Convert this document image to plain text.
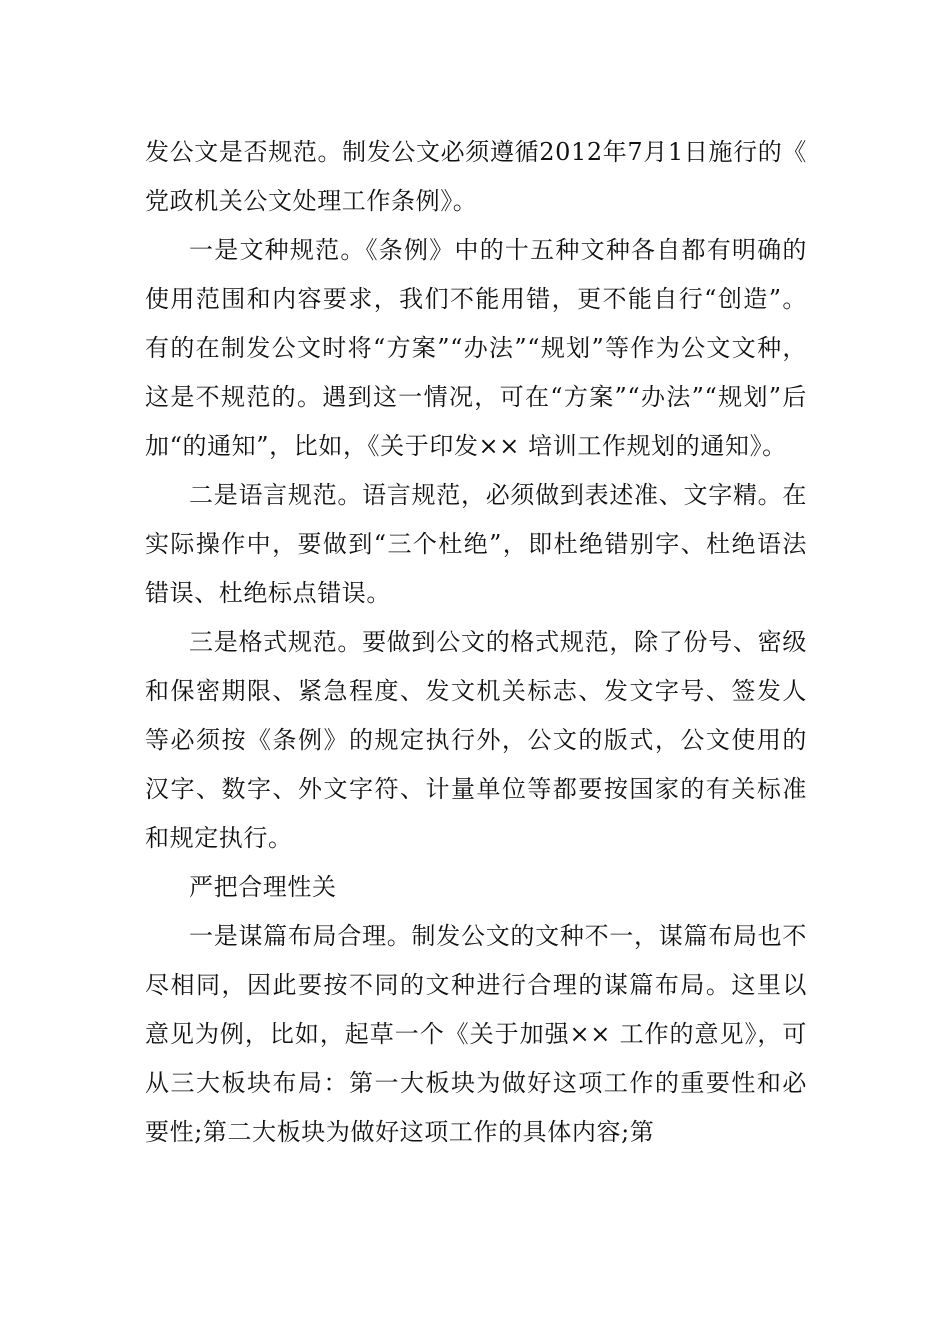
发公文是否规范。制发公文必须遵循2012年7月1日施行的《党政机关公文处理工作条例》。

一是文种规范。《条例》中的十五种文种各自都有明确的使用范围和内容要求，我们不能用错，更不能自行“创造”。有的在制发公文时将“方案”“办法”“规划”等作为公文文种，这是不规范的。遇到这一情况，可在“方案”“办法”“规划”后加“的通知”，比如，《关于印发×× 培训工作规划的通知》。

二是语言规范。语言规范，必须做到表述准、文字精。在实际操作中，要做到“三个杜绝”，即杜绝错别字、杜绝语法错误、杜绝标点错误。

三是格式规范。要做到公文的格式规范，除了份号、密级和保密期限、紧急程度、发文机关标志、发文字号、签发人等必须按《条例》的规定执行外，公文的版式，公文使用的汉字、数字、外文字符、计量单位等都要按国家的有关标准和规定执行。

严把合理性关

一是谋篇布局合理。制发公文的文种不一，谋篇布局也不尽相同，因此要按不同的文种进行合理的谋篇布局。这里以意见为例，比如，起草一个《关于加强×× 工作的意见》，可从三大板块布局：第一大板块为做好这项工作的重要性和必要性;第二大板块为做好这项工作的具体内容;第
